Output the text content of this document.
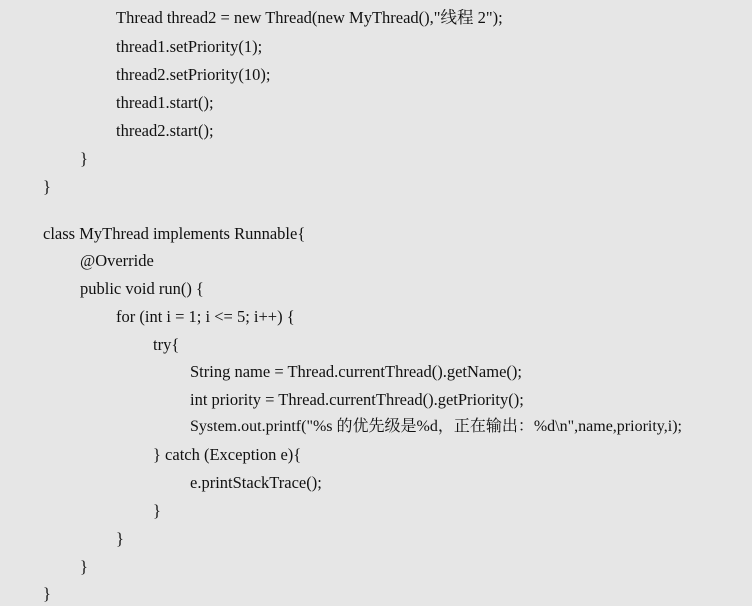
Thread thread2 = new Thread(new MyThread(),"线程 2");
thread1.setPriority(1);
thread2.setPriority(10);
thread1.start();
thread2.start();
}
}
class MyThread implements Runnable{
@Override
public void run() {
for (int i = 1; i <= 5; i++) {
try{
String name = Thread.currentThread().getName();
int priority = Thread.currentThread().getPriority();
System.out.printf("%s 的优先级是%d，正在输出：%d\n",name,priority,i);
} catch (Exception e){
e.printStackTrace();
}
}
}
}
